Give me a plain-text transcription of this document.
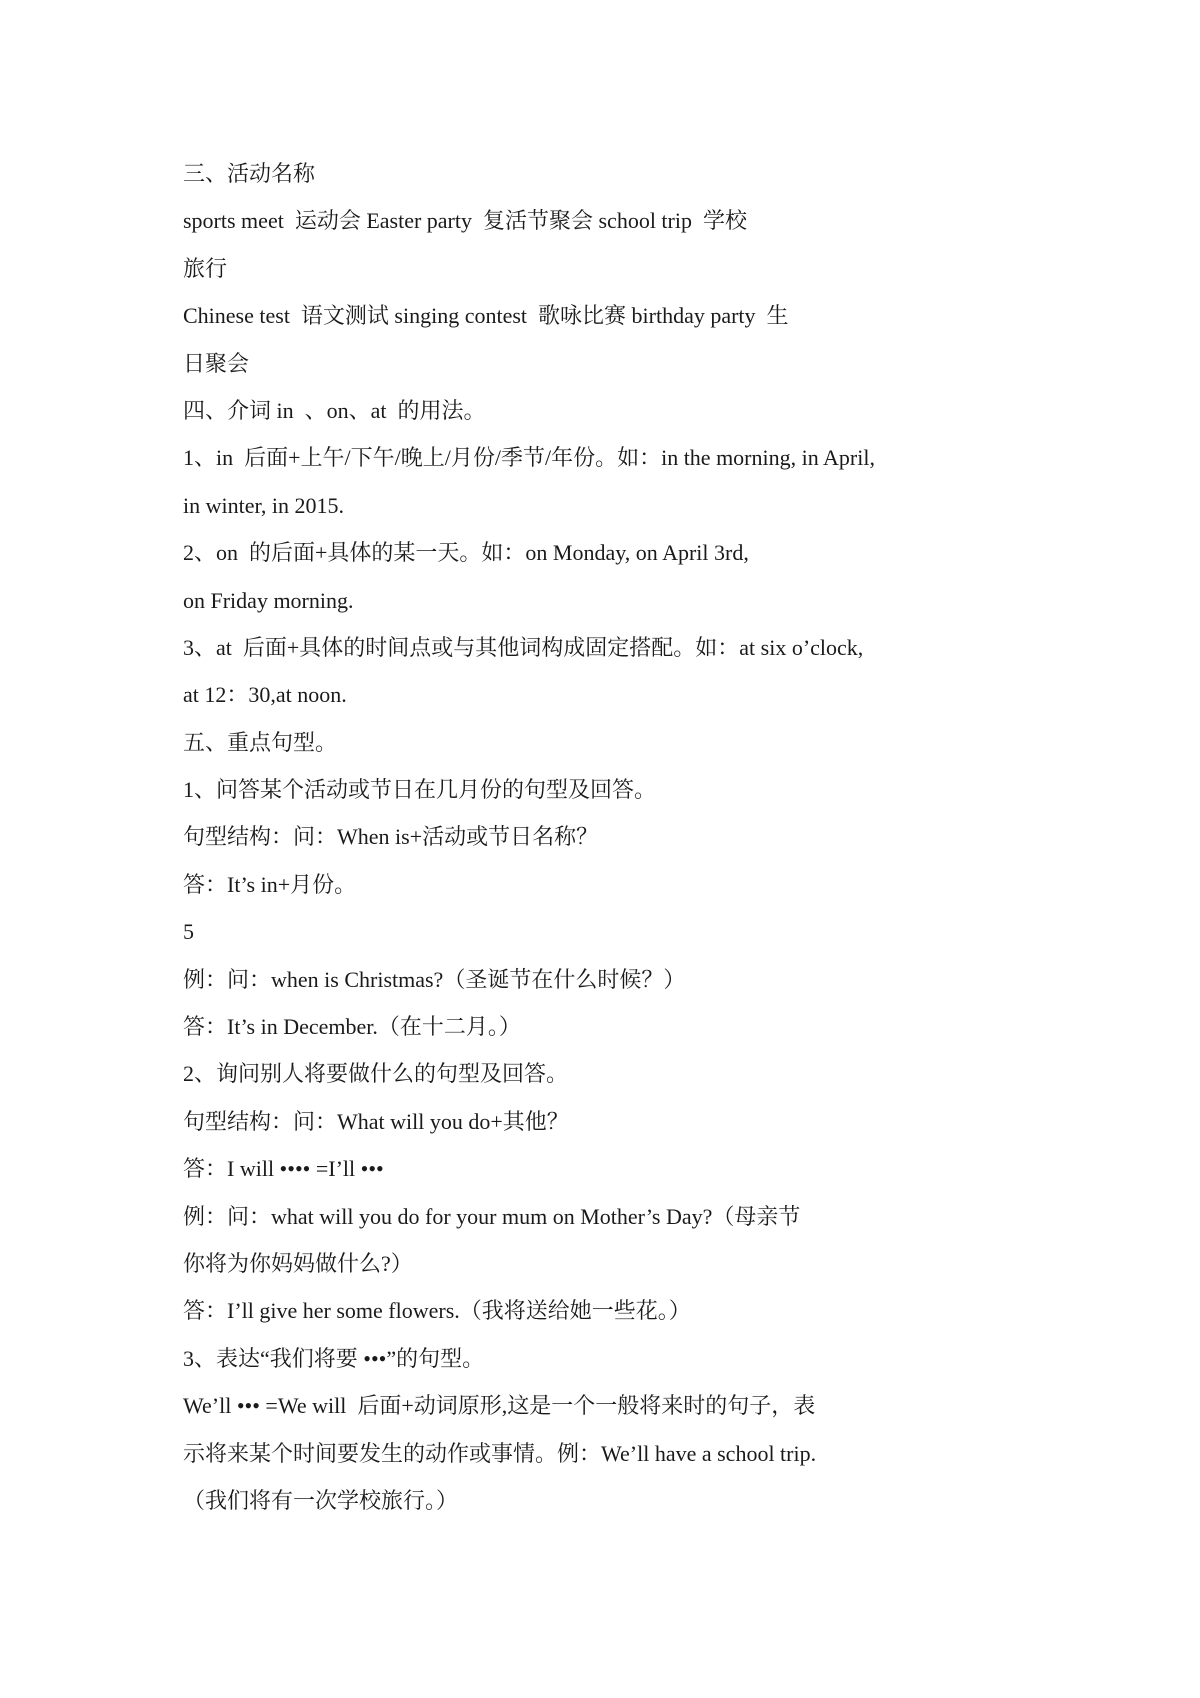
三、活动名称
sports meet  运动会 Easter party  复活节聚会 school trip  学校
旅行
Chinese test  语文测试 singing contest  歌咏比赛 birthday party  生
日聚会
四、介词 in  、on、at  的用法。
1、in  后面+上午/下午/晚上/月份/季节/年份。如：in the morning, in April,
in winter, in 2015.
2、on  的后面+具体的某一天。如：on Monday, on April 3rd,
on Friday morning.
3、at  后面+具体的时间点或与其他词构成固定搭配。如：at six o’clock,
at 12：30,at noon.
五、重点句型。
1、问答某个活动或节日在几月份的句型及回答。
句型结构：问：When is+活动或节日名称？
答：It’s in+月份。
5
例：问：when is Christmas?（圣诞节在什么时候？）
答：It’s in December.（在十二月。）
2、询问别人将要做什么的句型及回答。
句型结构：问：What will you do+其他？
答：I will •••• =I’ll •••
例：问：what will you do for your mum on Mother’s Day?（母亲节
你将为你妈妈做什么?）
答：I’ll give her some flowers.（我将送给她一些花。）
3、表达“我们将要 •••”的句型。
We’ll ••• =We will  后面+动词原形,这是一个一般将来时的句子，表
示将来某个时间要发生的动作或事情。例：We’ll have a school trip.
（我们将有一次学校旅行。）
